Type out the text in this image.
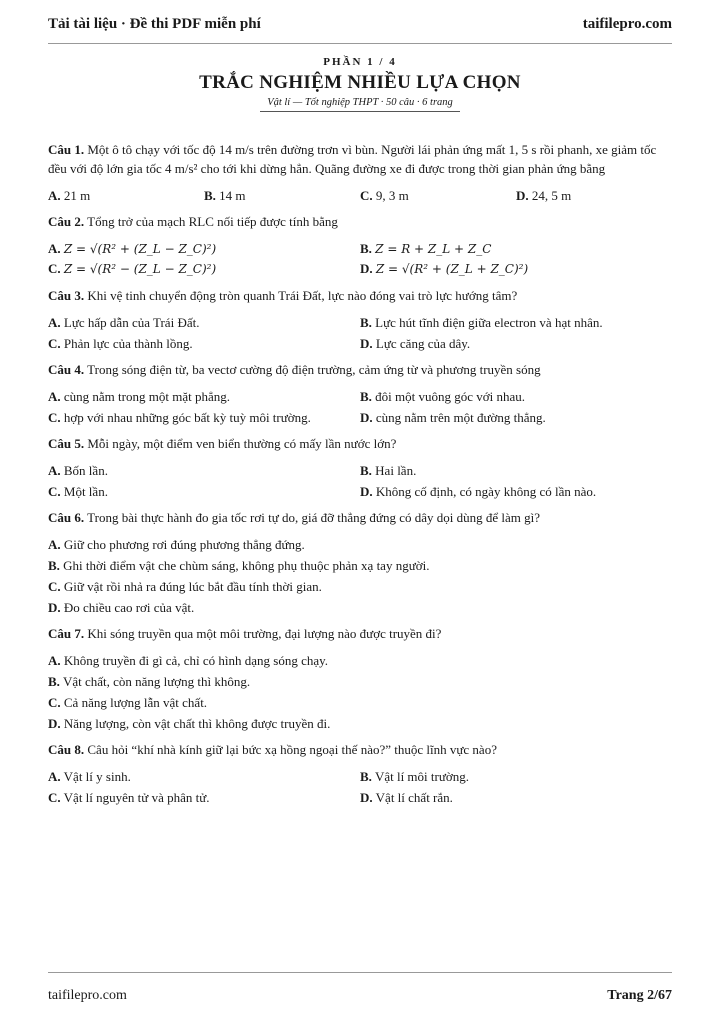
Tải tài liệu · Đề thi PDF miễn phí	taifilepro.com
PHẦN 1 / 4
TRẮC NGHIỆM NHIỀU LỰA CHỌN
Vật lí — Tốt nghiệp THPT · 50 câu · 6 trang
Câu 1. Một ô tô chạy với tốc độ 14 m/s trên đường trơn vì bùn. Người lái phản ứng mất 1, 5 s rồi phanh, xe giảm tốc đều với độ lớn gia tốc 4 m/s² cho tới khi dừng hẳn. Quãng đường xe đi được trong thời gian phản ứng bằng
A. 21 m	B. 14 m	C. 9, 3 m	D. 24, 5 m
Câu 2. Tổng trở của mạch RLC nối tiếp được tính bằng
A. Z = √(R² + (Z_L − Z_C)²)	B. Z = R + Z_L + Z_C
C. Z = √(R² − (Z_L − Z_C)²)	D. Z = √(R² + (Z_L + Z_C)²)
Câu 3. Khi vệ tinh chuyển động tròn quanh Trái Đất, lực nào đóng vai trò lực hướng tâm?
A. Lực hấp dẫn của Trái Đất.	B. Lực hút tĩnh điện giữa electron và hạt nhân.
C. Phản lực của thành lồng.	D. Lực căng của dây.
Câu 4. Trong sóng điện từ, ba vectơ cường độ điện trường, cảm ứng từ và phương truyền sóng
A. cùng nằm trong một mặt phẳng.	B. đôi một vuông góc với nhau.
C. hợp với nhau những góc bất kỳ tuỳ môi trường.	D. cùng nằm trên một đường thẳng.
Câu 5. Mỗi ngày, một điểm ven biển thường có mấy lần nước lớn?
A. Bốn lần.	B. Hai lần.
C. Một lần.	D. Không cố định, có ngày không có lần nào.
Câu 6. Trong bài thực hành đo gia tốc rơi tự do, giá đỡ thẳng đứng có dây dọi dùng để làm gì?
A. Giữ cho phương rơi đúng phương thẳng đứng.
B. Ghi thời điểm vật che chùm sáng, không phụ thuộc phản xạ tay người.
C. Giữ vật rồi nhả ra đúng lúc bắt đầu tính thời gian.
D. Đo chiều cao rơi của vật.
Câu 7. Khi sóng truyền qua một môi trường, đại lượng nào được truyền đi?
A. Không truyền đi gì cả, chỉ có hình dạng sóng chạy.
B. Vật chất, còn năng lượng thì không.
C. Cả năng lượng lẫn vật chất.
D. Năng lượng, còn vật chất thì không được truyền đi.
Câu 8. Câu hỏi “khí nhà kính giữ lại bức xạ hồng ngoại thế nào?” thuộc lĩnh vực nào?
A. Vật lí y sinh.	B. Vật lí môi trường.
C. Vật lí nguyên tử và phân tử.	D. Vật lí chất rắn.
taifilepro.com	Trang 2/67
